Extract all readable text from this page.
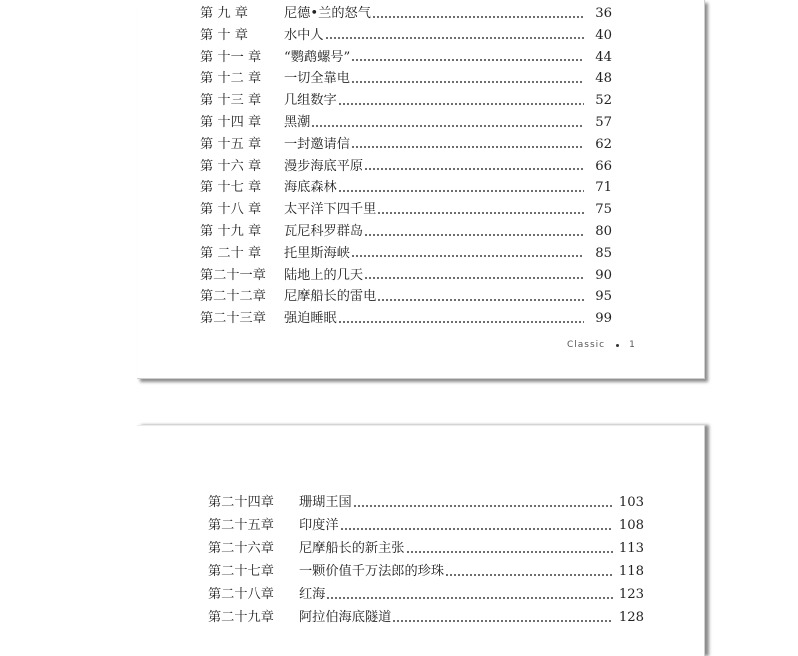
第 九 章	尼德•兰的怒气	36
第 十 章	水中人	40
第 十一 章	“鹦鹉螺号”	44
第 十二 章	一切全靠电	48
第 十三 章	几组数字	52
第 十四 章	黑潮	57
第 十五 章	一封邀请信	62
第 十六 章	漫步海底平原	66
第 十七 章	海底森林	71
第 十八 章	太平洋下四千里	75
第 十九 章	瓦尼科罗群岛	80
第 二十 章	托里斯海峡	85
第二十一章	陆地上的几天	90
第二十二章	尼摩船长的雷电	95
第二十三章	强迫睡眠	99
Classic	1
第二十四章	珊瑚王国	103
第二十五章	印度洋	108
第二十六章	尼摩船长的新主张	113
第二十七章	一颗价值千万法郎的珍珠	118
第二十八章	红海	123
第二十九章	阿拉伯海底隧道	128
